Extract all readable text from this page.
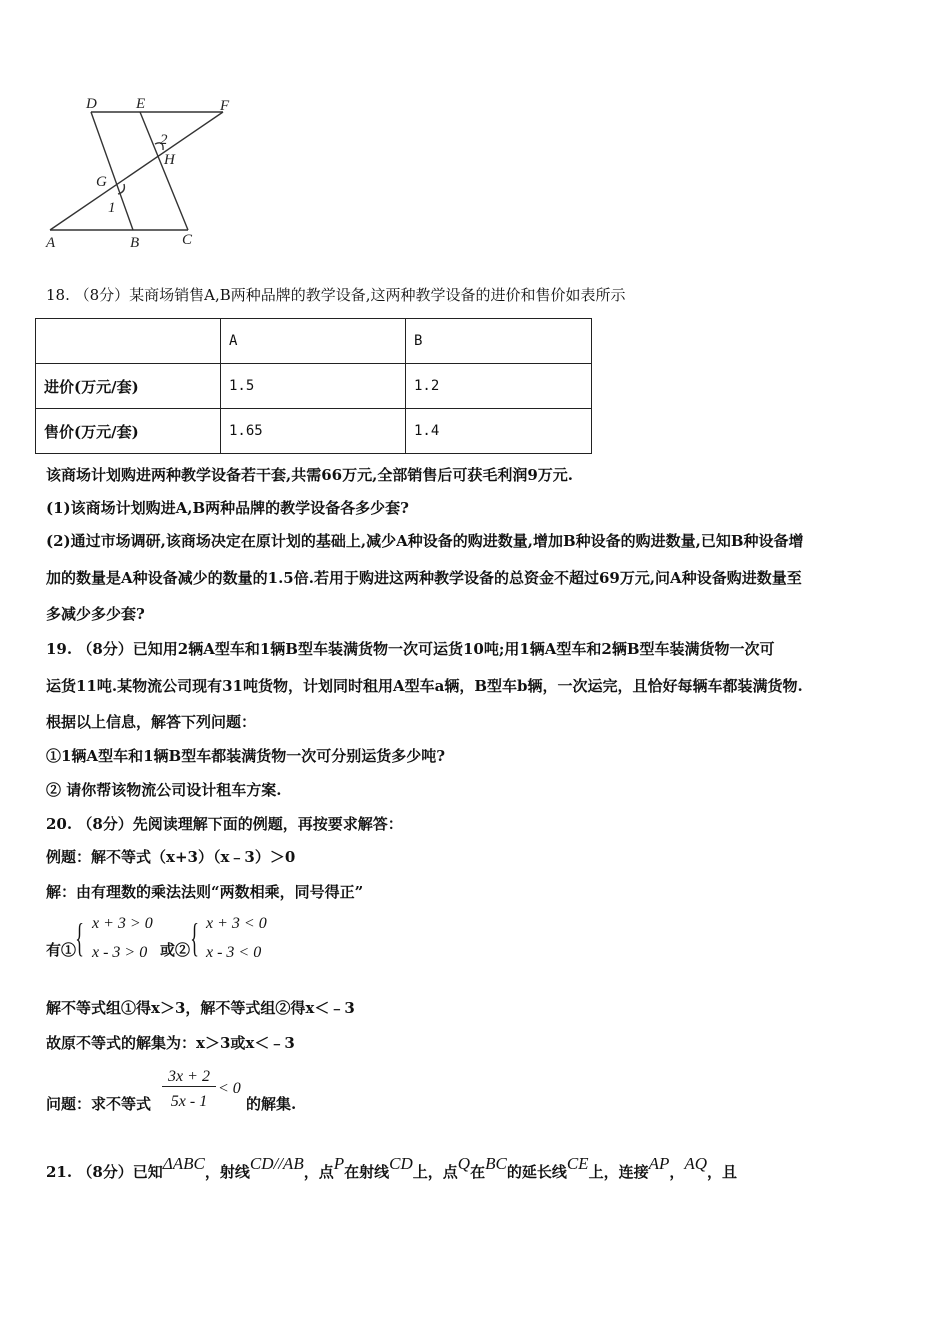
D	E	F
2
H
G
1
A	B	C
18. （8分）某商场销售A,B两种品牌的教学设备,这两种教学设备的进价和售价如表所示
	A	B
进价(万元/套)	1.5	1.2
售价(万元/套)	1.65	1.4
该商场计划购进两种教学设备若干套,共需66万元,全部销售后可获毛利润9万元.
(1)该商场计划购进A,B两种品牌的教学设备各多少套?
(2)通过市场调研,该商场决定在原计划的基础上,减少A种设备的购进数量,增加B种设备的购进数量,已知B种设备增
加的数量是A种设备减少的数量的1.5倍.若用于购进这两种教学设备的总资金不超过69万元,问A种设备购进数量至
多减少多少套?
19. （8分）已知用2辆A型车和1辆B型车装满货物一次可运货10吨;用1辆A型车和2辆B型车装满货物一次可
运货11吨.某物流公司现有31吨货物，计划同时租用A型车a辆，B型车b辆，一次运完，且恰好每辆车都装满货物.
根据以上信息，解答下列问题：
①1辆A型车和1辆B型车都装满货物一次可分别运货多少吨?
② 请你帮该物流公司设计租车方案.
20. （8分）先阅读理解下面的例题，再按要求解答：
例题：解不等式（x+3）（x﹣3）＞0
解：由有理数的乘法法则“两数相乘，同号得正”
有① { x + 3 > 0
x - 3 > 0 或② { x + 3 < 0
x - 3 < 0
解不等式组①得x＞3，解不等式组②得x＜﹣3
故原不等式的解集为：x＞3或x＜﹣3
问题：求不等式
3x + 2
5x - 1
< 0
的解集.
21. （8分）已知ΔABC，射线CD//AB，点P在射线CD上，点Q在BC的延长线CE上，连接AP，AQ，且
